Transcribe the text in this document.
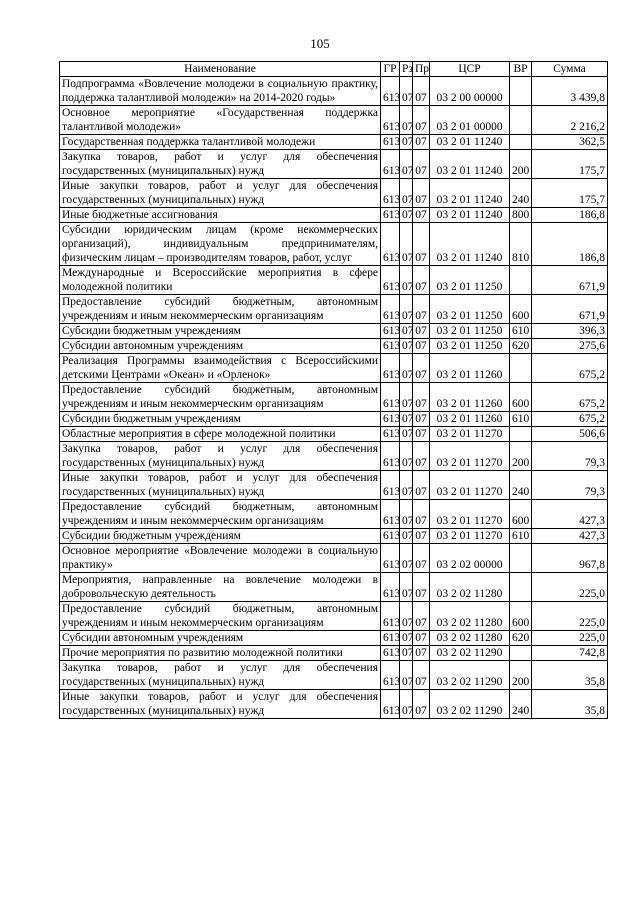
105
Наименование	ГР	Рз	Пр	ЦСР	ВР	Сумма
Подпрограмма «Вовлечение молодежи в социальную практику, поддержка талантливой молодежи» на 2014-2020 годы»	613	07	07	03 2 00 00000		3 439,8
Основное мероприятие «Государственная поддержка талантливой молодежи»	613	07	07	03 2 01 00000		2 216,2
Государственная поддержка талантливой молодежи	613	07	07	03 2 01 11240		362,5
Закупка товаров, работ и услуг для обеспечения государственных (муниципальных) нужд	613	07	07	03 2 01 11240	200	175,7
Иные закупки товаров, работ и услуг для обеспечения государственных (муниципальных) нужд	613	07	07	03 2 01 11240	240	175,7
Иные бюджетные ассигнования	613	07	07	03 2 01 11240	800	186,8
Субсидии юридическим лицам (кроме некоммерческих организаций), индивидуальным предпринимателям, физическим лицам – производителям товаров, работ, услуг	613	07	07	03 2 01 11240	810	186,8
Международные и Всероссийские мероприятия в сфере молодежной политики	613	07	07	03 2 01 11250		671,9
Предоставление субсидий бюджетным, автономным учреждениям и иным некоммерческим организациям	613	07	07	03 2 01 11250	600	671,9
Субсидии бюджетным учреждениям	613	07	07	03 2 01 11250	610	396,3
Субсидии автономным учреждениям	613	07	07	03 2 01 11250	620	275,6
Реализация Программы взаимодействия с Всероссийскими детскими Центрами «Океан» и «Орленок»	613	07	07	03 2 01 11260		675,2
Предоставление субсидий бюджетным, автономным учреждениям и иным некоммерческим организациям	613	07	07	03 2 01 11260	600	675,2
Субсидии бюджетным учреждениям	613	07	07	03 2 01 11260	610	675,2
Областные мероприятия в сфере молодежной политики	613	07	07	03 2 01 11270		506,6
Закупка товаров, работ и услуг для обеспечения государственных (муниципальных) нужд	613	07	07	03 2 01 11270	200	79,3
Иные закупки товаров, работ и услуг для обеспечения государственных (муниципальных) нужд	613	07	07	03 2 01 11270	240	79,3
Предоставление субсидий бюджетным, автономным учреждениям и иным некоммерческим организациям	613	07	07	03 2 01 11270	600	427,3
Субсидии бюджетным учреждениям	613	07	07	03 2 01 11270	610	427,3
Основное мероприятие «Вовлечение молодежи в социальную практику»	613	07	07	03 2 02 00000		967,8
Мероприятия, направленные на вовлечение молодежи в добровольческую деятельность	613	07	07	03 2 02 11280		225,0
Предоставление субсидий бюджетным, автономным учреждениям и иным некоммерческим организациям	613	07	07	03 2 02 11280	600	225,0
Субсидии автономным учреждениям	613	07	07	03 2 02 11280	620	225,0
Прочие мероприятия по развитию молодежной политики	613	07	07	03 2 02 11290		742,8
Закупка товаров, работ и услуг для обеспечения государственных (муниципальных) нужд	613	07	07	03 2 02 11290	200	35,8
Иные закупки товаров, работ и услуг для обеспечения государственных (муниципальных) нужд	613	07	07	03 2 02 11290	240	35,8
